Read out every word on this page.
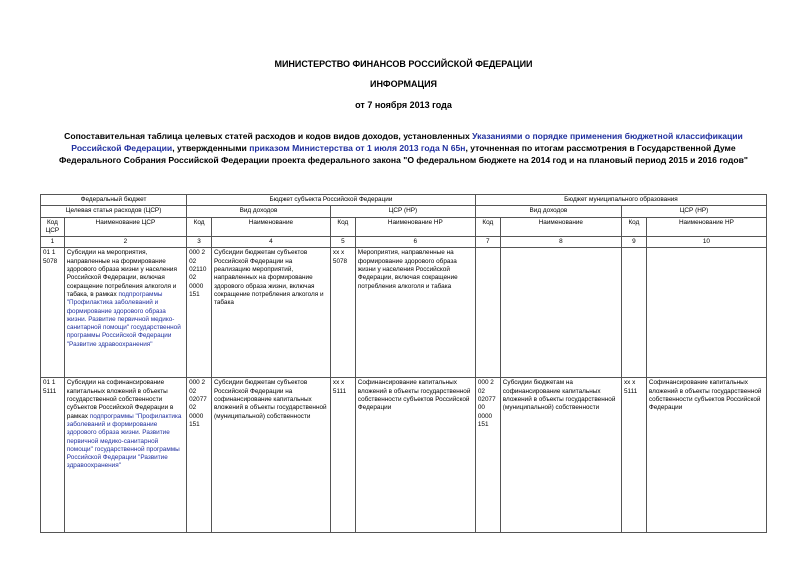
МИНИСТЕРСТВО ФИНАНСОВ РОССИЙСКОЙ ФЕДЕРАЦИИ
ИНФОРМАЦИЯ
от 7 ноября 2013 года
Сопоставительная таблица целевых статей расходов и кодов видов доходов, установленных Указаниями о порядке применения бюджетной классификации Российской Федерации, утвержденными приказом Министерства от 1 июля 2013 года N 65н, уточненная по итогам рассмотрения в Государственной Думе Федерального Собрания Российской Федерации проекта федерального закона "О федеральном бюджете на 2014 год и на плановый период 2015 и 2016 годов"
Федеральный бюджет		Бюджет субъекта Российской Федерации				Бюджет муниципального образования			
Целевая статья расходов (ЦСР)		Вид доходов		ЦСР (НР)		Вид доходов		ЦСР (НР)	
Код ЦСР	Наименование ЦСР	Код	Наименование	Код	Наименование НР	Код	Наименование	Код	Наименование НР
1	2	3	4	5	6	7	8	9	10
01 1 5078	Субсидии на мероприятия, направленные на формирование здорового образа жизни у населения Российской Федерации, включая сокращение потребления алкоголя и табака, в рамках подпрограммы "Профилактика заболеваний и формирование здорового образа жизни. Развитие первичной медико-санитарной помощи" государственной программы Российской Федерации "Развитие здравоохранения"	000 2 02 02110 02 0000 151	Субсидии бюджетам субъектов Российской Федерации на реализацию мероприятий, направленных на формирование здорового образа жизни, включая сокращение потребления алкоголя и табака	хх х 5078	Мероприятия, направленные на формирование здорового образа жизни у населения Российской Федерации, включая сокращение потребления алкоголя и табака				
01 1 5111	Субсидии на софинансирование капитальных вложений в объекты государственной собственности субъектов Российской Федерации в рамках подпрограммы "Профилактика заболеваний и формирование здорового образа жизни. Развитие первичной медико-санитарной помощи" государственной программы Российской Федерации "Развитие здравоохранения"	000 2 02 02077 02 0000 151	Субсидии бюджетам субъектов Российской Федерации на софинансирование капитальных вложений в объекты государственной (муниципальной) собственности	хх х 5111	Софинансирование капитальных вложений в объекты государственной собственности субъектов Российской Федерации	000 2 02 02077 00 0000 151	Субсидии бюджетам на софинансирование капитальных вложений в объекты государственной (муниципальной) собственности	хх х 5111	Софинансирование капитальных вложений в объекты государственной собственности субъектов Российской Федерации
